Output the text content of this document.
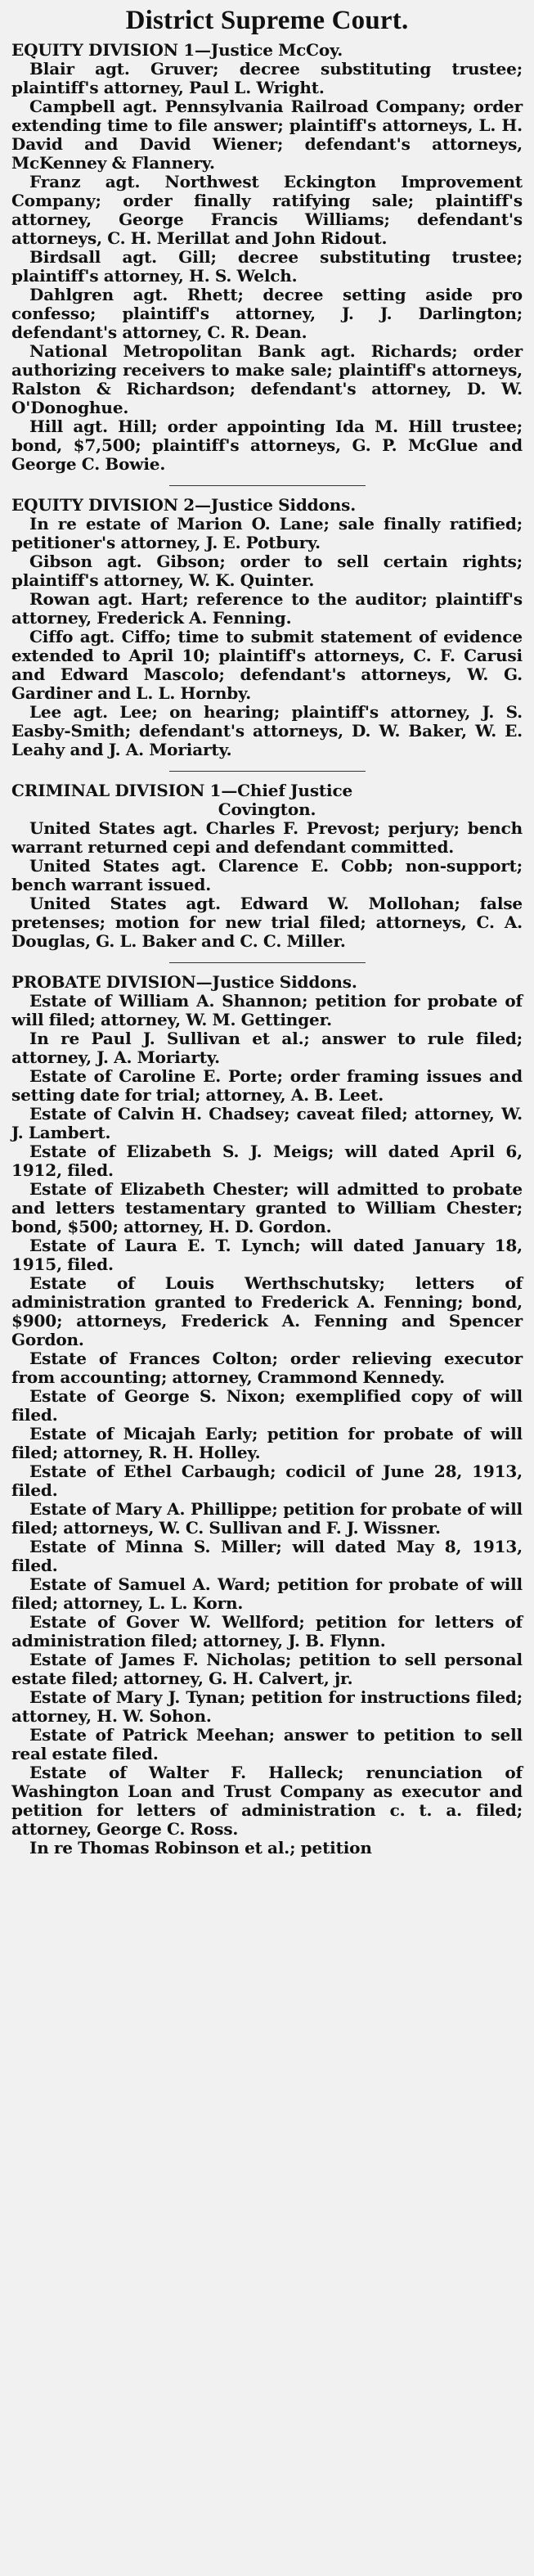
District Supreme Court.

EQUITY DIVISION 1—Justice McCoy.

Blair agt. Gruver; decree substituting trustee; plaintiff's attorney, Paul L. Wright.

Campbell agt. Pennsylvania Railroad Company; order extending time to file answer; plaintiff's attorneys, L. H. David and David Wiener; defendant's attorneys, McKenney & Flannery.

Franz agt. Northwest Eckington Improvement Company; order finally ratifying sale; plaintiff's attorney, George Francis Williams; defendant's attorneys, C. H. Merillat and John Ridout.

Birdsall agt. Gill; decree substituting trustee; plaintiff's attorney, H. S. Welch.

Dahlgren agt. Rhett; decree setting aside pro confesso; plaintiff's attorney, J. J. Darlington; defendant's attorney, C. R. Dean.

National Metropolitan Bank agt. Richards; order authorizing receivers to make sale; plaintiff's attorneys, Ralston & Richardson; defendant's attorney, D. W. O'Donoghue.

Hill agt. Hill; order appointing Ida M. Hill trustee; bond, $7,500; plaintiff's attorneys, G. P. McGlue and George C. Bowie.

EQUITY DIVISION 2—Justice Siddons.

In re estate of Marion O. Lane; sale finally ratified; petitioner's attorney, J. E. Potbury.

Gibson agt. Gibson; order to sell certain rights; plaintiff's attorney, W. K. Quinter.

Rowan agt. Hart; reference to the auditor; plaintiff's attorney, Frederick A. Fenning.

Ciffo agt. Ciffo; time to submit statement of evidence extended to April 10; plaintiff's attorneys, C. F. Carusi and Edward Mascolo; defendant's attorneys, W. G. Gardiner and L. L. Hornby.

Lee agt. Lee; on hearing; plaintiff's attorney, J. S. Easby-Smith; defendant's attorneys, D. W. Baker, W. E. Leahy and J. A. Moriarty.

CRIMINAL DIVISION 1—Chief Justice

Covington.

United States agt. Charles F. Prevost; perjury; bench warrant returned cepi and defendant committed.

United States agt. Clarence E. Cobb; non-support; bench warrant issued.

United States agt. Edward W. Mollohan; false pretenses; motion for new trial filed; attorneys, C. A. Douglas, G. L. Baker and C. C. Miller.

PROBATE DIVISION—Justice Siddons.

Estate of William A. Shannon; petition for probate of will filed; attorney, W. M. Gettinger.

In re Paul J. Sullivan et al.; answer to rule filed; attorney, J. A. Moriarty.

Estate of Caroline E. Porte; order framing issues and setting date for trial; attorney, A. B. Leet.

Estate of Calvin H. Chadsey; caveat filed; attorney, W. J. Lambert.

Estate of Elizabeth S. J. Meigs; will dated April 6, 1912, filed.

Estate of Elizabeth Chester; will admitted to probate and letters testamentary granted to William Chester; bond, $500; attorney, H. D. Gordon.

Estate of Laura E. T. Lynch; will dated January 18, 1915, filed.

Estate of Louis Werthschutsky; letters of administration granted to Frederick A. Fenning; bond, $900; attorneys, Frederick A. Fenning and Spencer Gordon.

Estate of Frances Colton; order relieving executor from accounting; attorney, Crammond Kennedy.

Estate of George S. Nixon; exemplified copy of will filed.

Estate of Micajah Early; petition for probate of will filed; attorney, R. H. Holley.

Estate of Ethel Carbaugh; codicil of June 28, 1913, filed.

Estate of Mary A. Phillippe; petition for probate of will filed; attorneys, W. C. Sullivan and F. J. Wissner.

Estate of Minna S. Miller; will dated May 8, 1913, filed.

Estate of Samuel A. Ward; petition for probate of will filed; attorney, L. L. Korn.

Estate of Gover W. Wellford; petition for letters of administration filed; attorney, J. B. Flynn.

Estate of James F. Nicholas; petition to sell personal estate filed; attorney, G. H. Calvert, jr.

Estate of Mary J. Tynan; petition for instructions filed; attorney, H. W. Sohon.

Estate of Patrick Meehan; answer to petition to sell real estate filed.

Estate of Walter F. Halleck; renunciation of Washington Loan and Trust Company as executor and petition for letters of administration c. t. a. filed; attorney, George C. Ross.

In re Thomas Robinson et al.; petition
